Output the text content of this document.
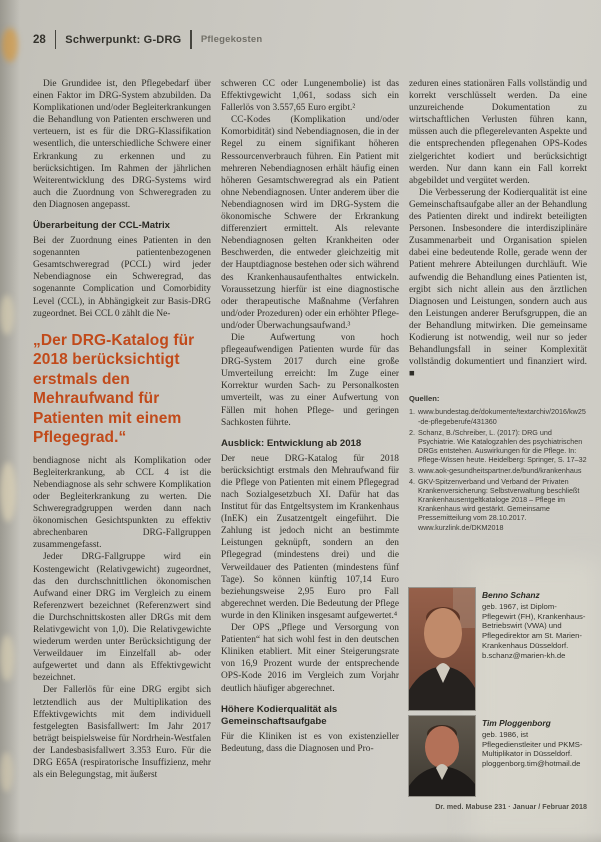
28 Schwerpunkt: G-DRG Pflegekosten

Die Grundidee ist, den Pflegebedarf über einen Faktor im DRG-System abzubilden. Da Komplikationen und/oder Begleiterkrankungen die Behandlung von Patienten erschweren und verteuern, ist es für die DRG-Klassifikation wesentlich, die unterschiedliche Schwere einer Erkrankung zu erkennen und zu berücksichtigen. Im Rahmen der jährlichen Weiterentwicklung des DRG-Systems wird auch die Zuordnung von Schweregraden zu den Diagnosen angepasst.

Überarbeitung der CCL-Matrix

Bei der Zuordnung eines Patienten in den sogenannten patientenbezogenen Gesamtschweregrad (PCCL) wird jeder Nebendiagnose ein Schweregrad, das sogenannte Complication und Comorbidity Level (CCL), in Abhängigkeit zur Basis-DRG zugeordnet. Bei CCL 0 zählt die Ne-

„Der DRG-Katalog für 2018 berücksichtigt erstmals den Mehraufwand für Patienten mit einem Pflegegrad.“

bendiagnose nicht als Komplikation oder Begleiterkrankung, ab CCL 4 ist die Nebendiagnose als sehr schwere Komplikation oder Begleiterkrankung zu werten. Die Schweregradgruppen werden dann nach ökonomischen Gesichtspunkten zu effektiv abrechenbaren DRG-Fallgruppen zusammengefasst.

Jeder DRG-Fallgruppe wird ein Kostengewicht (Relativgewicht) zugeordnet, das den durchschnittlichen ökonomischen Aufwand einer DRG im Vergleich zu einem Referenzwert bezeichnet (Referenzwert sind die Durchschnittskosten aller DRGs mit dem Relativgewicht von 1,0). Die Relativgewichte wiederum werden unter Berücksichtigung der Verweildauer im Einzelfall ab- oder aufgewertet und dann als Effektivgewicht bezeichnet.

Der Fallerlös für eine DRG ergibt sich letztendlich aus der Multiplikation des Effektivgewichts mit dem individuell festgelegten Basisfallwert: Im Jahr 2017 beträgt beispielsweise für Nordrhein-Westfalen der Landesbasisfallwert 3.353 Euro. Für die DRG E65A (respiratorische Insuffizienz, mehr als ein Belegungstag, mit äußerst

schweren CC oder Lungenembolie) ist das Effektivgewicht 1,061, sodass sich ein Fallerlös von 3.557,65 Euro ergibt.²

CC-Kodes (Komplikation und/oder Komorbidität) sind Nebendiagnosen, die in der Regel zu einem signifikant höheren Ressourcenverbrauch führen. Ein Patient mit mehreren Nebendiagnosen erhält häufig einen höheren Gesamtschweregrad als ein Patient ohne Nebendiagnosen. Unter anderem über die Nebendiagnosen wird im DRG-System die ökonomische Schwere der Erkrankung differenziert ermittelt. Als relevante Nebendiagnosen gelten Krankheiten oder Beschwerden, die entweder gleichzeitig mit der Hauptdiagnose bestehen oder sich während des Krankenhausaufenthaltes entwickeln. Voraussetzung hierfür ist eine diagnostische oder therapeutische Maßnahme (Verfahren und/oder Prozeduren) oder ein erhöhter Pflege- und/oder Überwachungsaufwand.³

Die Aufwertung von hoch pflegeaufwendigen Patienten wurde für das DRG-System 2017 durch eine große Umverteilung erreicht: Im Zuge einer Korrektur wurden Sach- zu Personalkosten umverteilt, was zu einer Aufwertung von Fällen mit hohen Pflege- und geringen Sachkosten führte.

Ausblick: Entwicklung ab 2018

Der neue DRG-Katalog für 2018 berücksichtigt erstmals den Mehraufwand für die Pflege von Patienten mit einem Pflegegrad nach Sozialgesetzbuch XI. Dafür hat das Institut für das Entgeltsystem im Krankenhaus (InEK) ein Zusatzentgelt eingeführt. Die Zahlung ist jedoch nicht an bestimmte Leistungen geknüpft, sondern an den Pflegegrad (mindestens drei) und die Verweildauer des Patienten (mindestens fünf Tage). So können künftig 107,14 Euro beziehungsweise 2,95 Euro pro Fall abgerechnet werden. Die Bedeutung der Pflege wurde in den Kliniken insgesamt aufgewertet.⁴

Der OPS „Pflege und Versorgung von Patienten“ hat sich wohl fest in den deutschen Kliniken etabliert. Mit einer Steigerungsrate von 16,9 Prozent wurde der entsprechende OPS-Kode 2016 im Vergleich zum Vorjahr deutlich häufiger abgerechnet.

Höhere Kodierqualität als Gemeinschaftsaufgabe

Für die Kliniken ist es von existenzieller Bedeutung, dass die Diagnosen und Pro-

zeduren eines stationären Falls vollständig und korrekt verschlüsselt werden. Da eine unzureichende Dokumentation zu wirtschaftlichen Verlusten führen kann, müssen auch die pflegerelevanten Aspekte und die entsprechenden pflegenahen OPS-Kodes zielgerichtet kodiert und berücksichtigt werden. Nur dann kann ein Fall korrekt abgebildet und vergütet werden.

Die Verbesserung der Kodierqualität ist eine Gemeinschaftsaufgabe aller an der Behandlung des Patienten direkt und indirekt beteiligten Personen. Insbesondere die interdisziplinäre Zusammenarbeit und Organisation spielen dabei eine bedeutende Rolle, gerade wenn der Patient mehrere Abteilungen durchläuft. Wie aufwendig die Behandlung eines Patienten ist, ergibt sich nicht allein aus den ärztlichen Diagnosen und Leistungen, sondern auch aus den Leistungen anderer Berufsgruppen, die an der Behandlung mitwirken. Die gemeinsame Kodierung ist notwendig, weil nur so jeder Behandlungsfall in seiner Komplexität vollständig dokumentiert und finanziert wird. ■

Quellen:
www.bundestag.de/dokumente/textarchiv/2016/kw25-de-pflegeberufe/431360
Schanz, B./Schreiber, L. (2017): DRG und Psychiatrie. Wie Katalogzahlen des psychiatrischen DRGs entstehen. Auswirkungen für die Pflege. In: Pflege-Wissen heute. Heidelberg: Springer, S. 17–32
www.aok-gesundheitspartner.de/bund/krankenhaus
GKV-Spitzenverband und Verband der Privaten Krankenversicherung: Selbstverwaltung beschließt Krankenhausentgeltkataloge 2018 – Pflege im Krankenhaus wird gestärkt. Gemeinsame Pressemitteilung vom 28.10.2017. www.kurzlink.de/DKM2018
Benno Schanz
geb. 1967, ist Diplom-Pflegewirt (FH), Krankenhaus-Betriebswirt (VWA) und Pflegedirektor am St. Marien-Krankenhaus Düsseldorf.
b.schanz@marien-kh.de
Tim Ploggenborg
geb. 1986, ist Pflegedienstleiter und PKMS-Multiplikator in Düsseldorf.
ploggenborg.tim@hotmail.de
Dr. med. Mabuse 231 · Januar / Februar 2018
